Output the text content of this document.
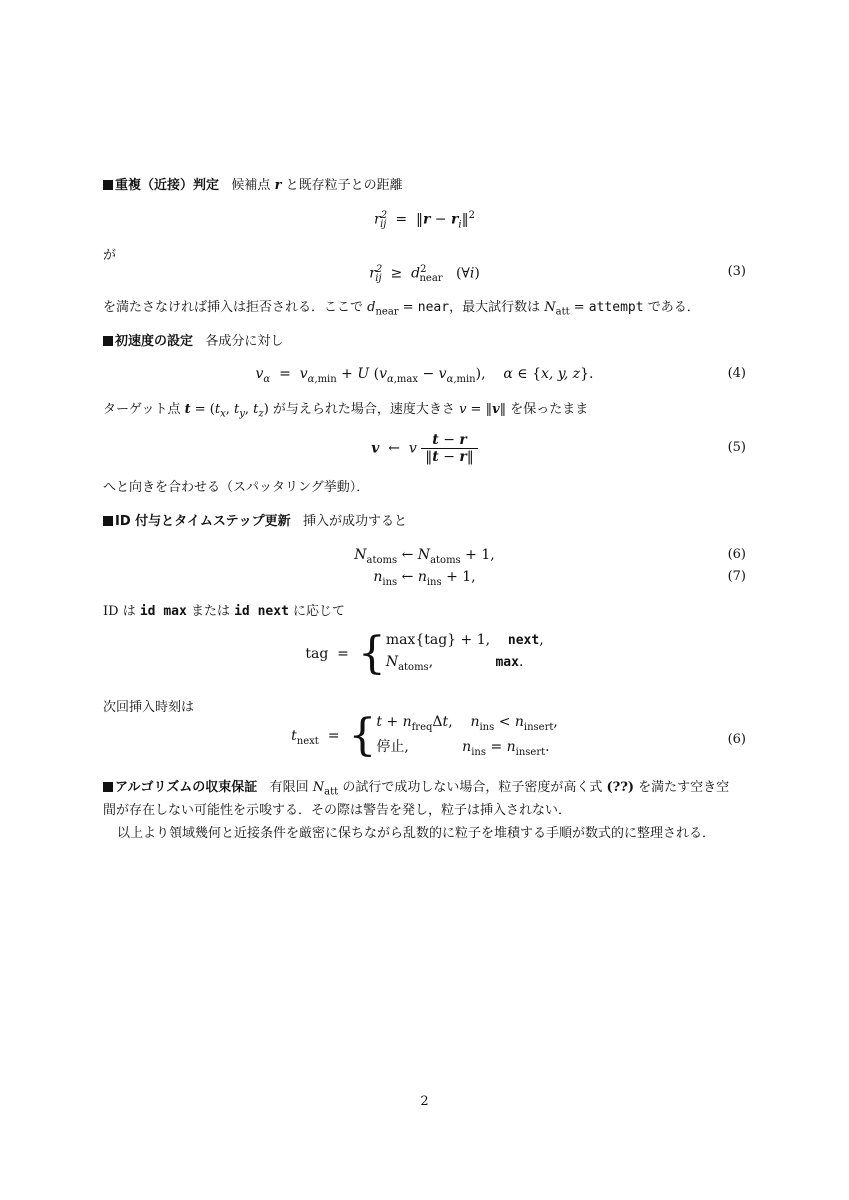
重複（近接）判定 候補点 r と既存粒子との距離
$r^2_{ij}$  =  ‖r − $r_i‖^2$
が
$r^2_{ij} \ge d^2_{near}$ (∀i)	(3)
を満たさなければ挿入は拒否される．ここで $d_{near}$ = near，最大試行数は $N_{att}$ = attempt である．
初速度の設定 各成分に対し
$v_\alpha = v_{\alpha,min} + U$ $(v_{\alpha,max} - v_{\alpha,min})$,    α ∈ {x, y, z}.	(4)
ターゲット点 $t = (t_x$, $t_y$, $t_z$) が与えられた場合，速度大きさ v = ‖v‖ を保ったまま
v ←  v $\frac{t - r}{‖t - r‖}$	(5)
へと向きを合わせる（スパッタリング挙動）．
ID 付与とタイムステップ更新 挿入が成功すると
$N_{atoms}$ ← $N_{atoms} + 1$,	(6)
$n_{ins}$ ← $n_{ins} + 1$,	(7)
ID は id max または id next に応じて
tag  =  { max{tag} + 1, next,
$N_{atoms}$,	max.
次回挿入時刻は
$t_{next}$  =  { $t + n_{freq}\Delta t$,    $n_{ins} < n_{insert}$,
停止,            $n_{ins} = n_{insert}$.	(6)
アルゴリズムの収束保証 有限回 $N_{att}$ の試行で成功しない場合，粒子密度が高く式 (??) を満たす空き空
間が存在しない可能性を示唆する．その際は警告を発し，粒子は挿入されない．
以上より領域幾何と近接条件を厳密に保ちながら乱数的に粒子を堆積する手順が数式的に整理される．
2
